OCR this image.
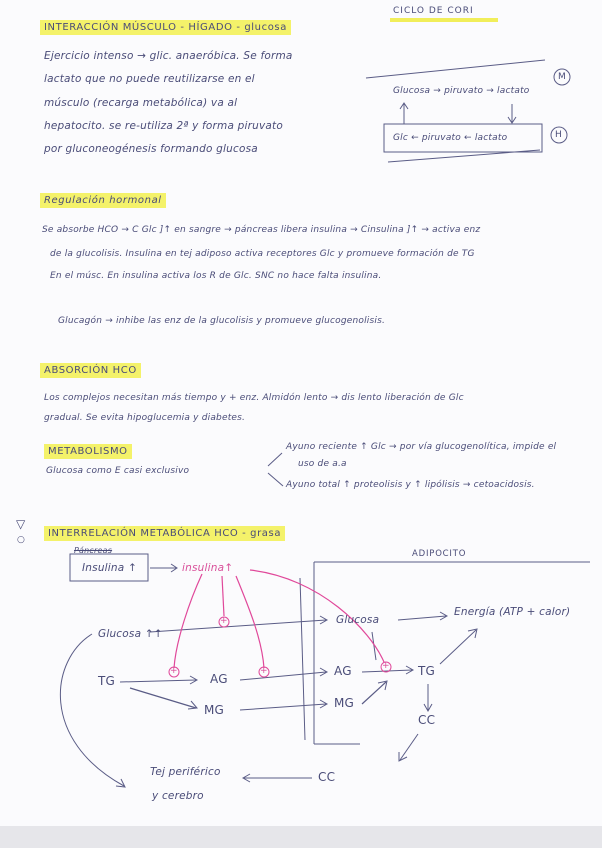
CICLO DE CORI
INTERACCIÓN MÚSCULO - HÍGADO - glucosa
Ejercicio intenso → glic. anaeróbica. Se forma
lactato que no puede reutilizarse en el
músculo (recarga metabólica) va al
hepatocito. se re-utiliza 2ª y forma piruvato
por gluconeogénesis formando glucosa
Glucosa → piruvato → lactato
M
Glc ← piruvato ← lactato	H
Regulación hormonal
Se absorbe HCO → C Glc ]↑ en sangre → páncreas libera insulina → Cinsulina ]↑ → activa enz
de la glucolisis. Insulina en tej adiposo activa receptores Glc y promueve formación de TG
En el músc. En insulina activa los R de Glc. SNC no hace falta insulina.
Glucagón → inhibe las enz de la glucolisis y promueve glucogenolisis.
ABSORCIÓN HCO
Los complejos necesitan más tiempo y + enz. Almidón lento → dis lento liberación de Glc
gradual. Se evita hipoglucemia y diabetes.
METABOLISMO
Glucosa como E casi exclusivo
Ayuno reciente ↑ Glc → por vía glucogenolítica, impide el
uso de a.a
Ayuno total ↑ proteolisis y ↑ lipólisis → cetoacidosis.
▽
○
INTERRELACIÓN METABÓLICA HCO - grasa
+
+
+	+
Páncreas
Insulina ↑	insulina↑
ADIPOCITO
Glucosa ↑↑
Glucosa
Energía (ATP + calor)
TG	AG
MG
AG
MG
TG
CC
CC
Tej periférico
y cerebro
